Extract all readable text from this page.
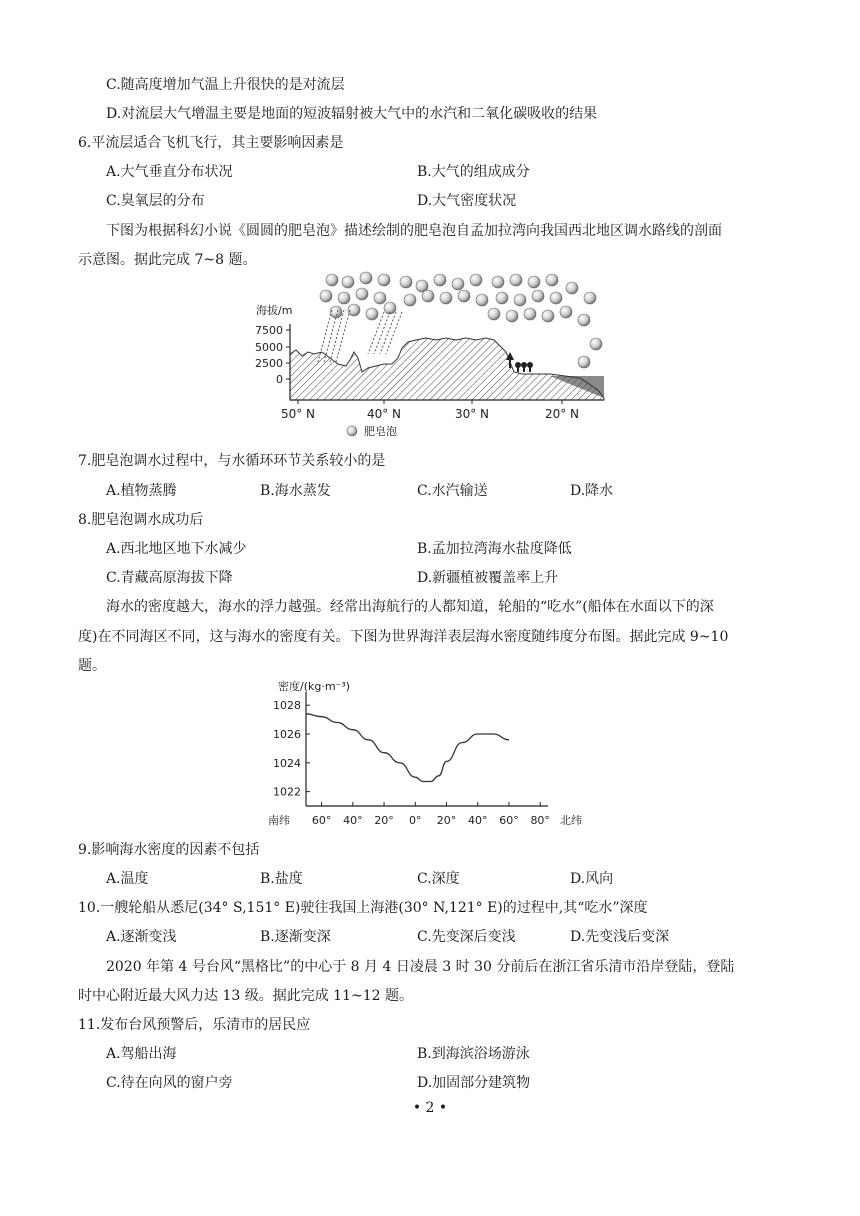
C.随高度增加气温上升很快的是对流层
D.对流层大气增温主要是地面的短波辐射被大气中的水汽和二氧化碳吸收的结果
6.平流层适合飞机飞行，其主要影响因素是
A.大气垂直分布状况	B.大气的组成成分
C.臭氧层的分布	D.大气密度状况
下图为根据科幻小说《圆圆的肥皂泡》描述绘制的肥皂泡自孟加拉湾向我国西北地区调水路线的剖面
示意图。据此完成 7~8 题。
海拔/m
7500
5000
2500
0
50° N	40° N	30° N	20° N
肥皂泡
7.肥皂泡调水过程中，与水循环环节关系较小的是
A.植物蒸腾	B.海水蒸发	C.水汽输送	D.降水
8.肥皂泡调水成功后
A.西北地区地下水减少	B.孟加拉湾海水盐度降低
C.青藏高原海拔下降	D.新疆植被覆盖率上升
海水的密度越大，海水的浮力越强。经常出海航行的人都知道，轮船的“吃水”(船体在水面以下的深
度)在不同海区不同，这与海水的密度有关。下图为世界海洋表层海水密度随纬度分布图。据此完成 9~10
题。
密度/(kg·m⁻³)
1028
1026
1024
1022
60° 40° 20° 0° 20° 40° 60° 80°
南纬	北纬
9.影响海水密度的因素不包括
A.温度	B.盐度	C.深度	D.风向
10.一艘轮船从悉尼(34° S,151° E)驶往我国上海港(30° N,121° E)的过程中,其“吃水”深度
A.逐渐变浅	B.逐渐变深	C.先变深后变浅	D.先变浅后变深
2020 年第 4 号台风“黑格比”的中心于 8 月 4 日凌晨 3 时 30 分前后在浙江省乐清市沿岸登陆，登陆
时中心附近最大风力达 13 级。据此完成 11~12 题。
11.发布台风预警后，乐清市的居民应
A.驾船出海	B.到海滨浴场游泳
C.待在向风的窗户旁	D.加固部分建筑物
• 2 •
